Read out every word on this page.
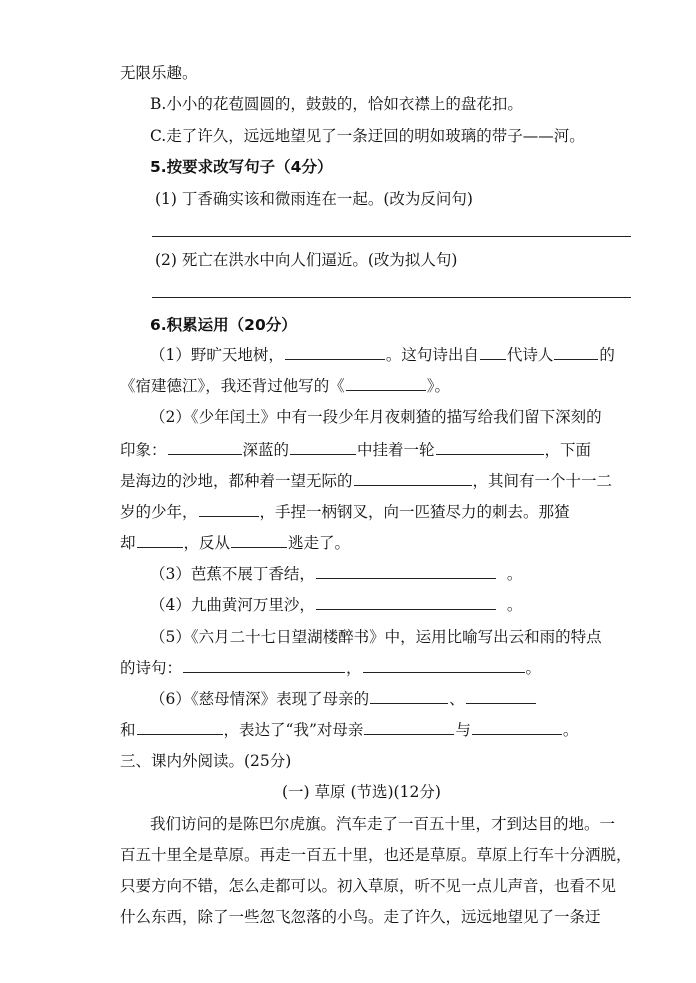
无限乐趣。
B.小小的花苞圆圆的，鼓鼓的，恰如衣襟上的盘花扣。
C.走了许久，远远地望见了一条迂回的明如玻璃的带子——河。
5.按要求改写句子（4分）
(1) 丁香确实该和微雨连在一起。(改为反问句)
(2) 死亡在洪水中向人们逼近。(改为拟人句)
6.积累运用（20分）
（1）野旷天地树，	。这句诗出自 代诗人	的
《宿建德江》，我还背过他写的《	》。
（2）《少年闰土》中有一段少年月夜刺猹的描写给我们留下深刻的
印象：	深蓝的	中挂着一轮	，下面
是海边的沙地，都种着一望无际的	，其间有一个十一二
岁的少年，	，手捏一柄钢叉，向一匹猹尽力的刺去。那猹
却	，反从	逃走了。
（3）芭蕉不展丁香结，	。
（4）九曲黄河万里沙，	。
（5）《六月二十七日望湖楼醉书》中，运用比喻写出云和雨的特点
的诗句：	，	。
（6）《慈母情深》表现了母亲的	、
和	，表达了“我”对母亲	与	。
三、课内外阅读。(25分)
(一) 草原 (节选)(12分)
我们访问的是陈巴尔虎旗。汽车走了一百五十里，才到达目的地。一
百五十里全是草原。再走一百五十里，也还是草原。草原上行车十分洒脱，
只要方向不错，怎么走都可以。初入草原，听不见一点儿声音，也看不见
什么东西，除了一些忽飞忽落的小鸟。走了许久，远远地望见了一条迂
